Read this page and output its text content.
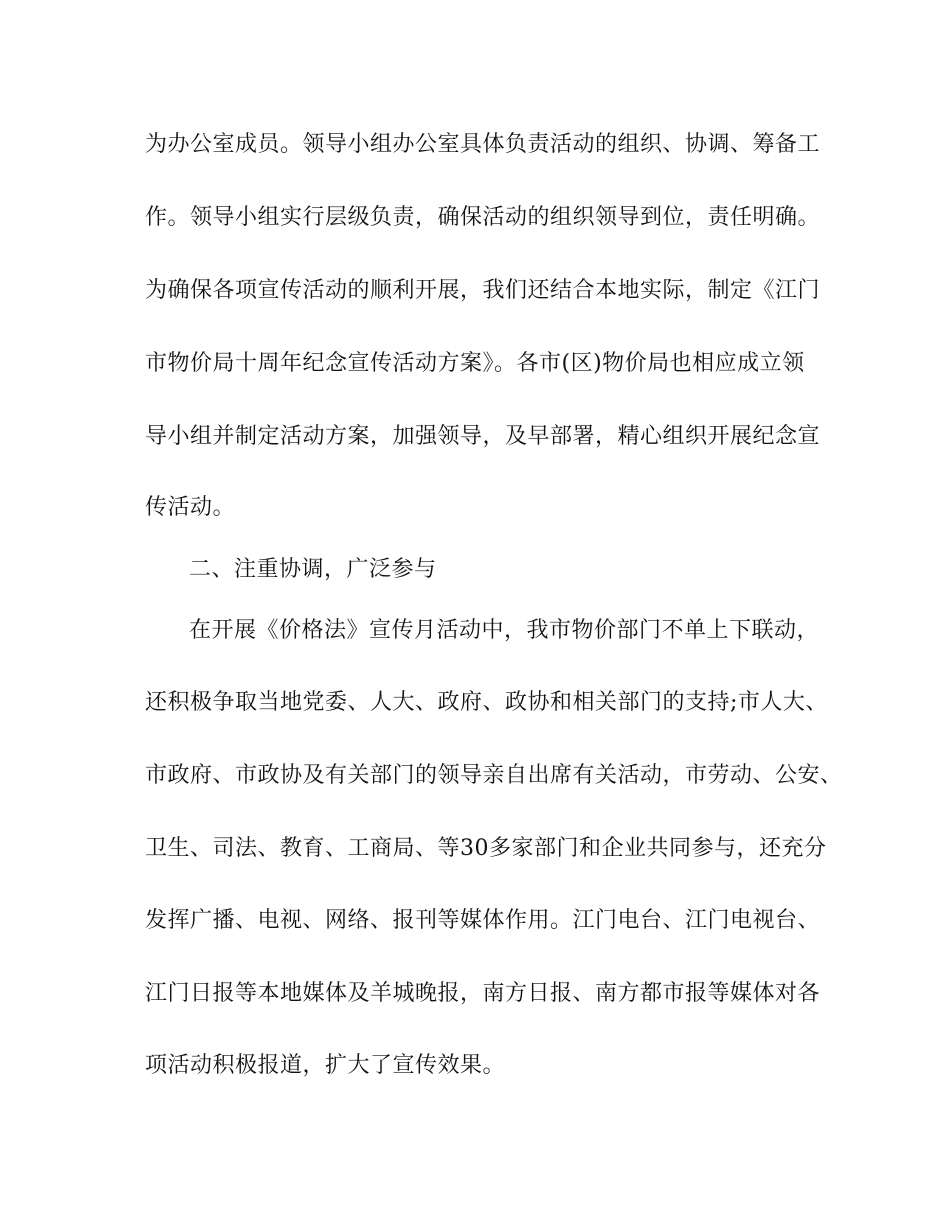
为办公室成员。领导小组办公室具体负责活动的组织、协调、筹备工
作。领导小组实行层级负责，确保活动的组织领导到位，责任明确。
为确保各项宣传活动的顺利开展，我们还结合本地实际，制定《江门
市物价局十周年纪念宣传活动方案》。各市(区)物价局也相应成立领
导小组并制定活动方案，加强领导，及早部署，精心组织开展纪念宣
传活动。
二、注重协调，广泛参与
在开展《价格法》宣传月活动中，我市物价部门不单上下联动，
还积极争取当地党委、人大、政府、政协和相关部门的支持;市人大、
市政府、市政协及有关部门的领导亲自出席有关活动，市劳动、公安、
卫生、司法、教育、工商局、等30多家部门和企业共同参与，还充分
发挥广播、电视、网络、报刊等媒体作用。江门电台、江门电视台、
江门日报等本地媒体及羊城晚报，南方日报、南方都市报等媒体对各
项活动积极报道，扩大了宣传效果。
